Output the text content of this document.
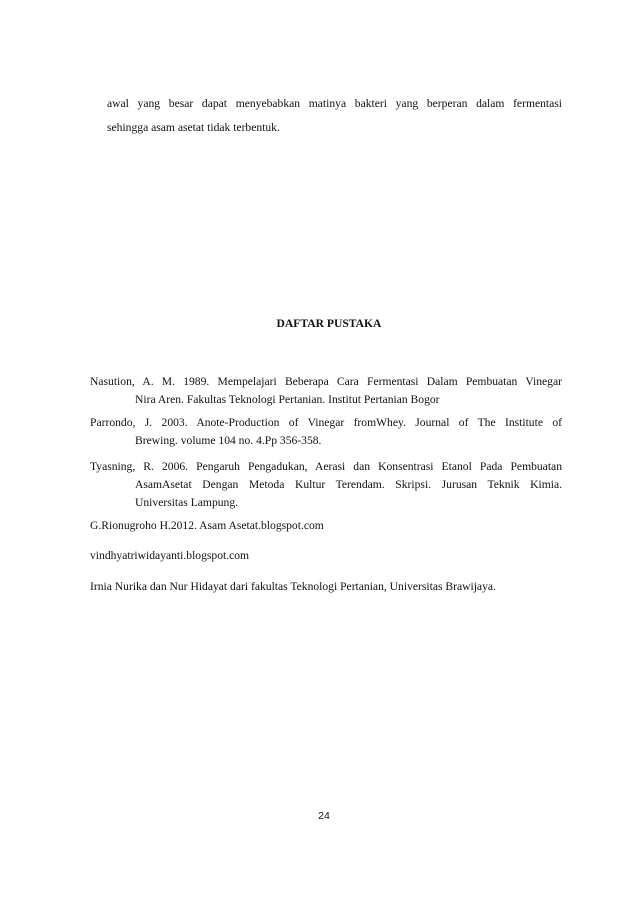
awal yang besar dapat menyebabkan matinya bakteri yang berperan dalam fermentasi
sehingga asam asetat tidak terbentuk.
DAFTAR PUSTAKA
Nasution, A. M. 1989. Mempelajari Beberapa Cara Fermentasi Dalam Pembuatan Vinegar
Nira Aren. Fakultas Teknologi Pertanian. Institut Pertanian Bogor
Parrondo, J. 2003. Anote-Production of Vinegar fromWhey. Journal of The Institute of
Brewing. volume 104 no. 4.Pp 356-358.
Tyasning, R. 2006. Pengaruh Pengadukan, Aerasi dan Konsentrasi Etanol Pada Pembuatan
AsamAsetat Dengan Metoda Kultur Terendam. Skripsi. Jurusan Teknik Kimia.
Universitas Lampung.
G.Rionugroho H.2012. Asam Asetat.blogspot.com
vindhyatriwidayanti.blogspot.com
Irnia Nurika dan Nur Hidayat dari fakultas Teknologi Pertanian, Universitas Brawijaya.
24
